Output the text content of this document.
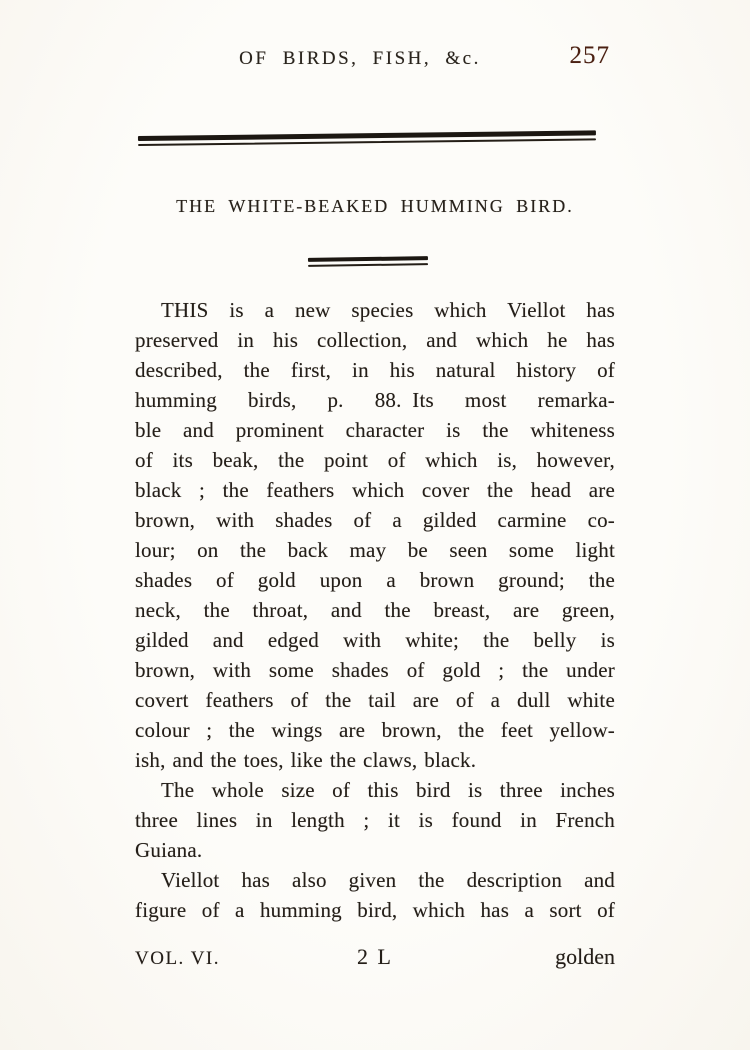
OF BIRDS, FISH, &c.	257
THE WHITE-BEAKED HUMMING BIRD.
THIS is a new species which Viellot has
preserved in his collection, and which he has
described, the first, in his natural history of
humming birds, p. 88. Its most remarka-
ble and prominent character is the whiteness
of its beak, the point of which is, however,
black ; the feathers which cover the head are
brown, with shades of a gilded carmine co-
lour; on the back may be seen some light
shades of gold upon a brown ground; the
neck, the throat, and the breast, are green,
gilded and edged with white; the belly is
brown, with some shades of gold ; the under
covert feathers of the tail are of a dull white
colour ; the wings are brown, the feet yellow-
ish, and the toes, like the claws, black.
The whole size of this bird is three inches
three lines in length ; it is found in French
Guiana.
Viellot has also given the description and
figure of a humming bird, which has a sort of
VOL. VI.	2 L	golden
